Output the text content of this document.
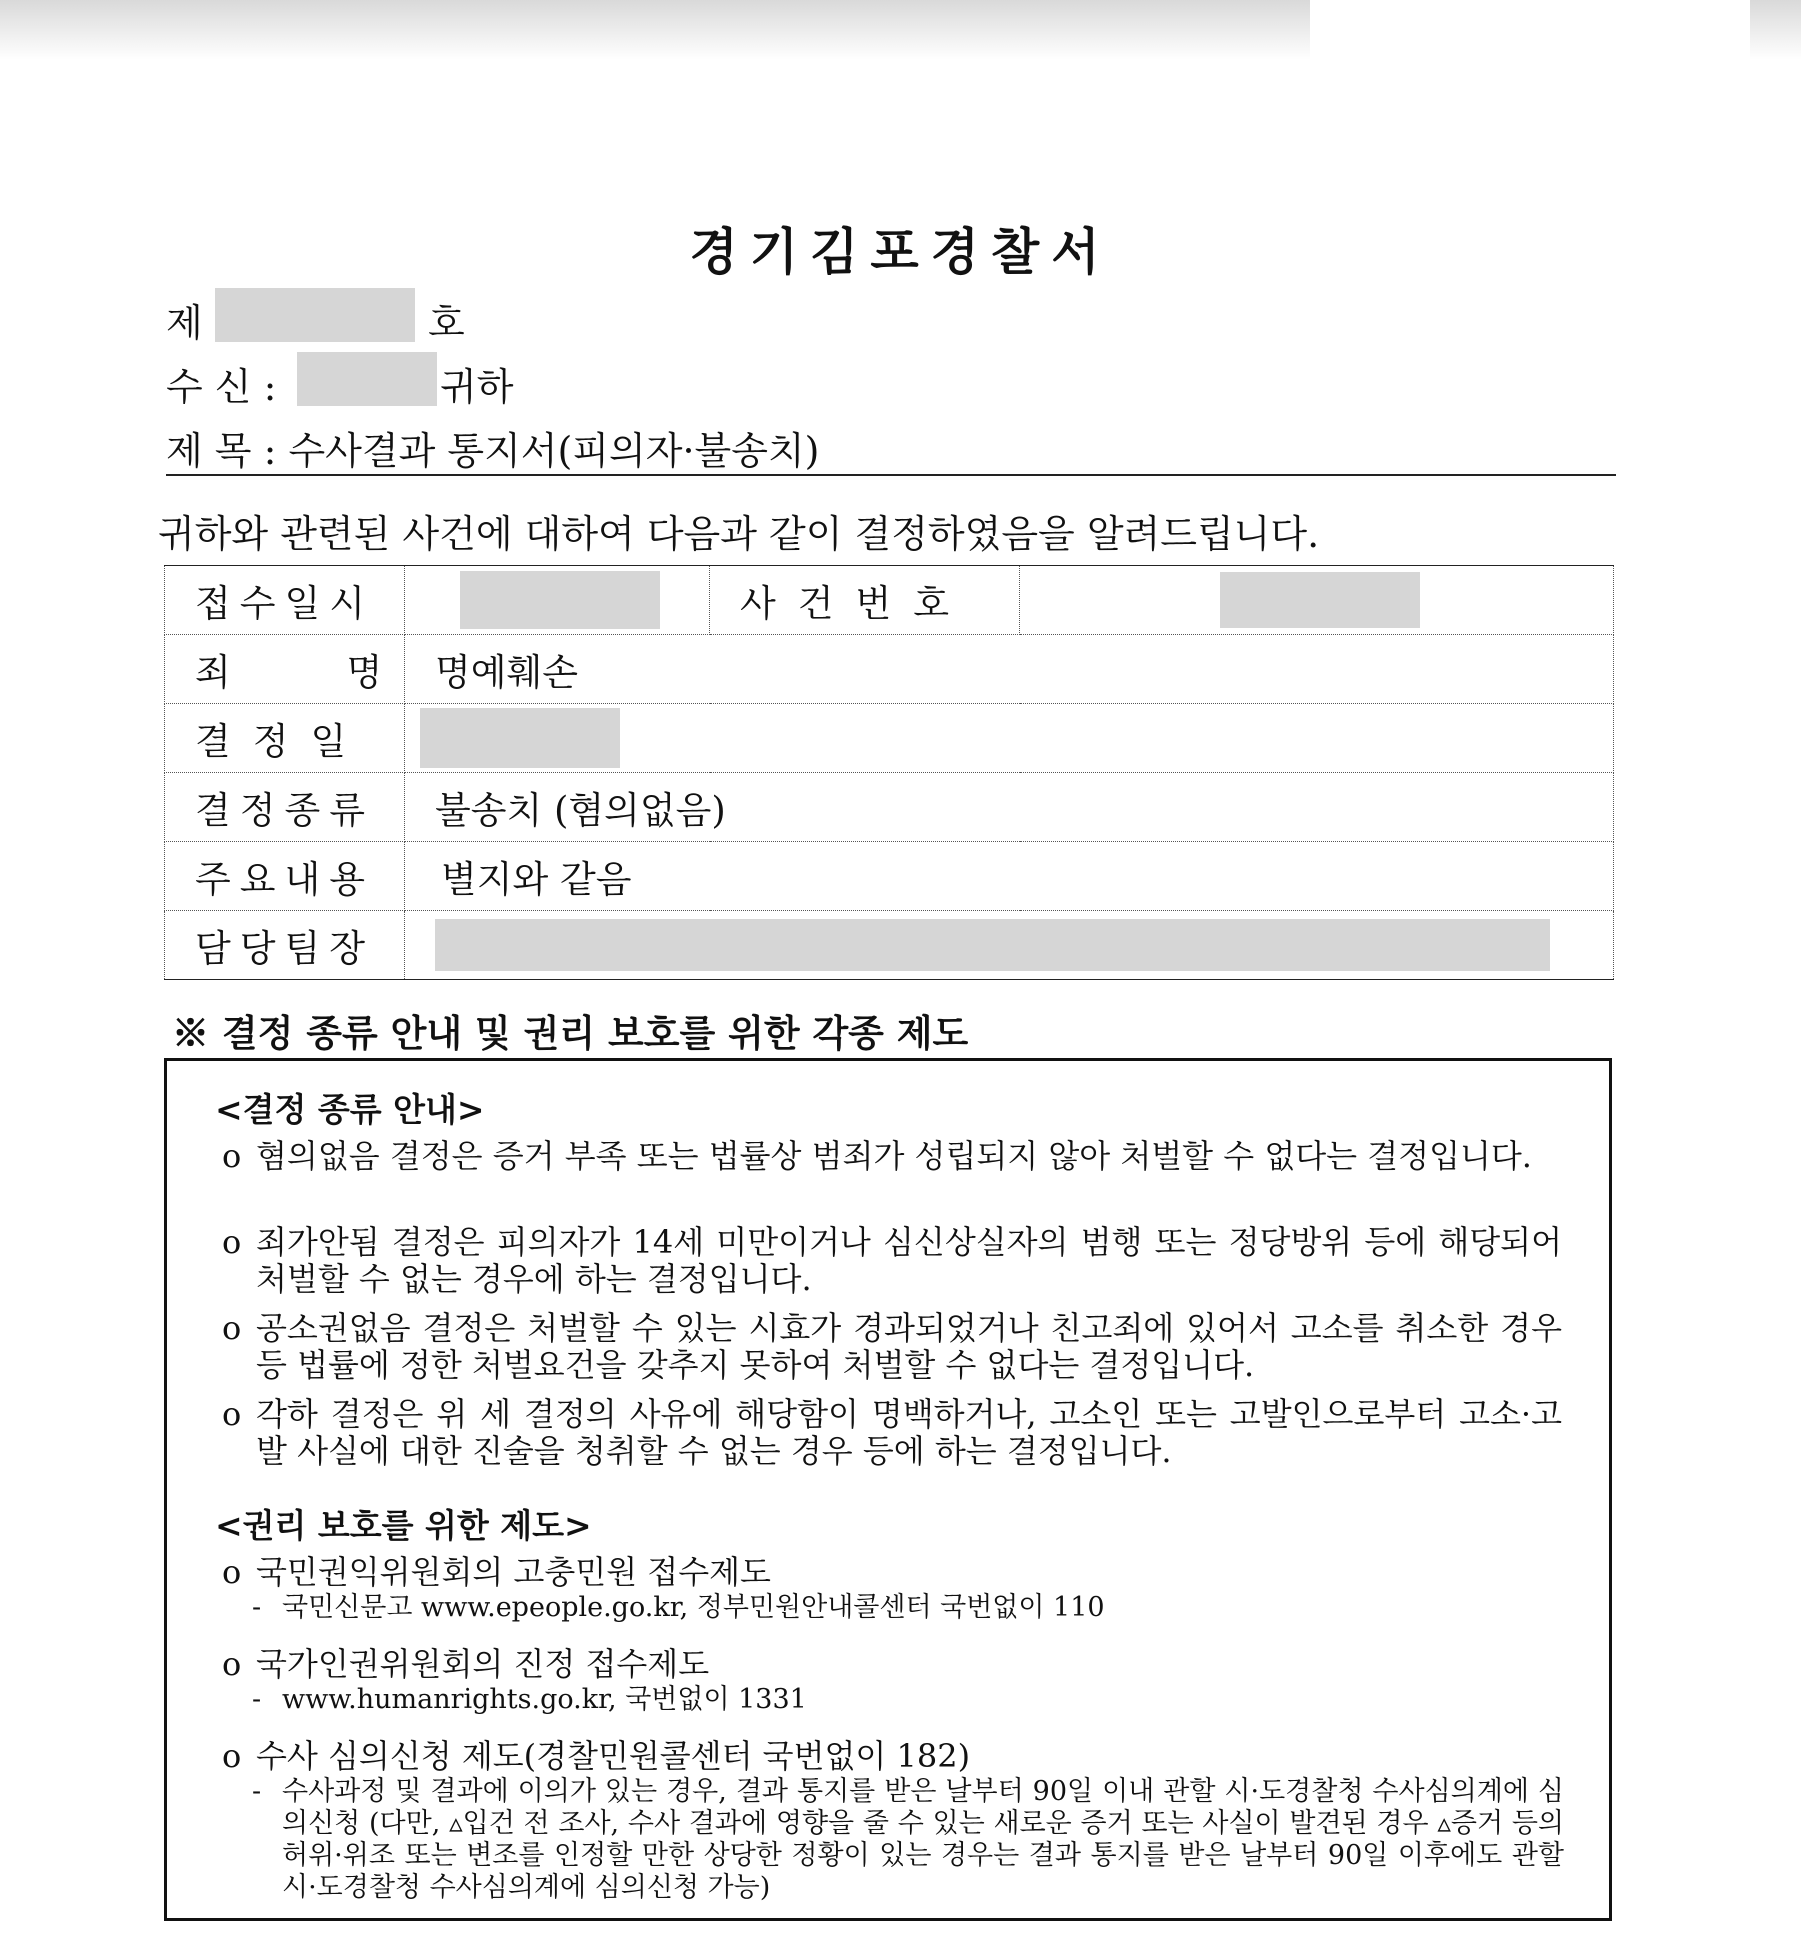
경기김포경찰서
제	호
수 신 :	귀하
제 목 : 수사결과 통지서(피의자·불송치)
귀하와 관련된 사건에 대하여 다음과 같이 결정하였음을 알려드립니다.
접수일시		사건번호	

죄 명	명예훼손		
결정일			

결정종류	불송치 (혐의없음)		
주요내용	별지와 같음		
담당팀장			
※ 결정 종류 안내 및 권리 보호를 위한 각종 제도
<결정 종류 안내>
o 혐의없음 결정은 증거 부족 또는 법률상 범죄가 성립되지 않아 처벌할 수 없다는 결정입니다.
o 죄가안됨 결정은 피의자가 14세 미만이거나 심신상실자의 범행 또는 정당방위 등에 해당되어 처벌할 수 없는 경우에 하는 결정입니다.
o 공소권없음 결정은 처벌할 수 있는 시효가 경과되었거나 친고죄에 있어서 고소를 취소한 경우 등 법률에 정한 처벌요건을 갖추지 못하여 처벌할 수 없다는 결정입니다.
o 각하 결정은 위 세 결정의 사유에 해당함이 명백하거나, 고소인 또는 고발인으로부터 고소·고발 사실에 대한 진술을 청취할 수 없는 경우 등에 하는 결정입니다.
<권리 보호를 위한 제도>
o 국민권익위원회의 고충민원 접수제도
- 국민신문고 www.epeople.go.kr, 정부민원안내콜센터 국번없이 110
o 국가인권위원회의 진정 접수제도
- www.humanrights.go.kr, 국번없이 1331
o 수사 심의신청 제도(경찰민원콜센터 국번없이 182)
- 수사과정 및 결과에 이의가 있는 경우, 결과 통지를 받은 날부터 90일 이내 관할 시·도경찰청 수사심의계에 심의신청 (다만, ▵입건 전 조사, 수사 결과에 영향을 줄 수 있는 새로운 증거 또는 사실이 발견된 경우 ▵증거 등의 허위·위조 또는 변조를 인정할 만한 상당한 정황이 있는 경우는 결과 통지를 받은 날부터 90일 이후에도 관할 시·도경찰청 수사심의계에 심의신청 가능)
